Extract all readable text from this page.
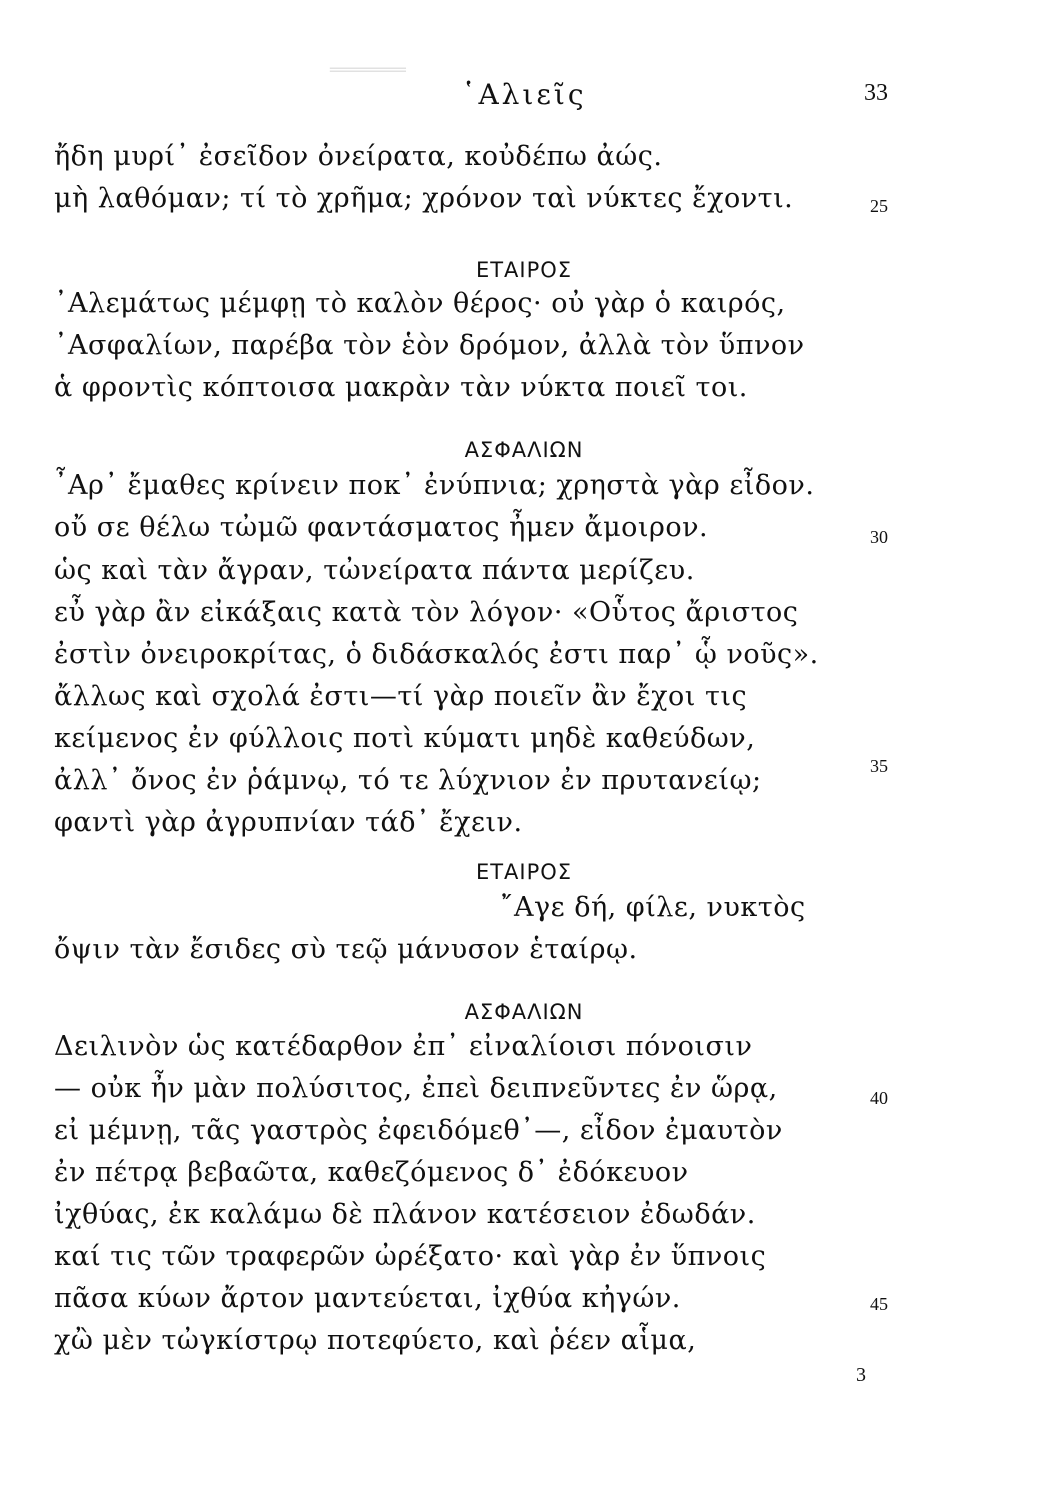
═══════
῾Αλιεῖς	33
ἤδη μυρί᾽ ἐσεῖδον ὀνείρατα, κοὐδέπω ἀώς.
μὴ λαθόμαν; τί τὸ χρῆμα; χρόνον ταὶ νύκτες ἔχοντι.	25
ΕΤΑΙΡΟΣ
᾽Αλεμάτως μέμφῃ τὸ καλὸν θέρος· οὐ γὰρ ὁ καιρός,
᾽Ασφαλίων, παρέβα τὸν ἑὸν δρόμον, ἀλλὰ τὸν ὕπνον
ἁ φροντὶς κόπτοισα μακρὰν τὰν νύκτα ποιεῖ τοι.
ΑΣΦΑΛΙΩΝ
῏Αρ᾽ ἔμαθες κρίνειν ποκ᾽ ἐνύπνια; χρηστὰ γὰρ εἶδον.
οὔ σε θέλω τὠμῶ φαντάσματος ἦμεν ἄμοιρον.	30
ὡς καὶ τὰν ἄγραν, τὠνείρατα πάντα μερίζευ.
εὖ γὰρ ἂν εἰκάξαις κατὰ τὸν λόγον· «Οὗτος ἄριστος
ἐστὶν ὀνειροκρίτας, ὁ διδάσκαλός ἐστι παρ᾽ ᾧ νοῦς».
ἄλλως καὶ σχολά ἐστι—τί γὰρ ποιεῖν ἂν ἔχοι τις
κείμενος ἐν φύλλοις ποτὶ κύματι μηδὲ καθεύδων,
35
ἀλλ᾽ ὄνος ἐν ῥάμνῳ, τό τε λύχνιον ἐν πρυτανείῳ;
φαντὶ γὰρ ἀγρυπνίαν τάδ᾽ ἔχειν.
ΕΤΑΙΡΟΣ
῎Αγε δή, φίλε, νυκτὸς
ὄψιν τὰν ἔσιδες σὺ τεῷ μάνυσον ἑταίρῳ.
ΑΣΦΑΛΙΩΝ
Δειλινὸν ὡς κατέδαρθον ἐπ᾽ εἰναλίοισι πόνοισιν
— οὐκ ἦν μὰν πολύσιτος, ἐπεὶ δειπνεῦντες ἐν ὥρᾳ,	40
εἰ μέμνῃ, τᾶς γαστρὸς ἐφειδόμεθ᾽—, εἶδον ἐμαυτὸν
ἐν πέτρᾳ βεβαῶτα, καθεζόμενος δ᾽ ἐδόκευον
ἰχθύας, ἐκ καλάμω δὲ πλάνον κατέσειον ἐδωδάν.
καί τις τῶν τραφερῶν ὠρέξατο· καὶ γὰρ ἐν ὕπνοις
πᾶσα κύων ἄρτον μαντεύεται, ἰχθύα κἠγών.	45
χὢ μὲν τὠγκίστρῳ ποτεφύετο, καὶ ῥέεν αἷμα,
3
